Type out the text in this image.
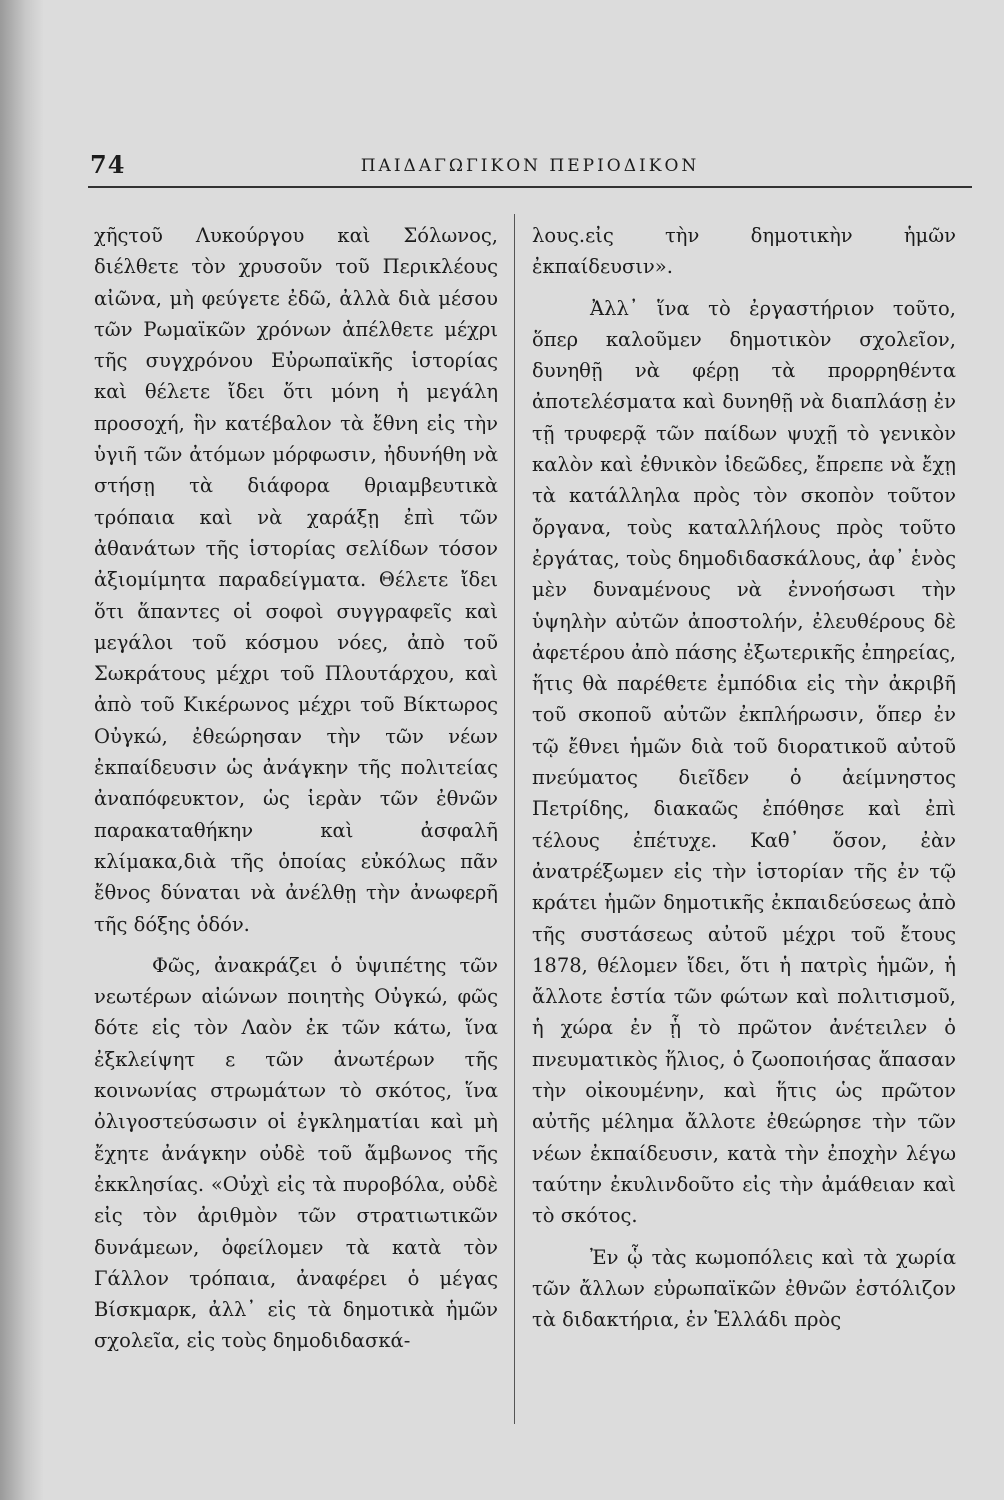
74	ΠΑΙΔΑΓΩΓΙΚΟΝ ΠΕΡΙΟΔΙΚΟΝ

χῆςτοῦ Λυκούργου καὶ Σόλωνος, διέλθετε τὸν χρυσοῦν τοῦ Περικλέους αἰῶνα, μὴ φεύγετε ἐδῶ, ἀλλὰ διὰ μέσου τῶν Ρωμαϊκῶν χρόνων ἀπέλθετε μέχρι τῆς συγχρόνου Εὐρωπαϊκῆς ἱστορίας καὶ θέλετε ἴδει ὅτι μόνη ἡ μεγάλη προσοχή, ἣν κατέβαλον τὰ ἔθνη εἰς τὴν ὑγιῆ τῶν ἀτόμων μόρφωσιν, ἠδυνήθη νὰ στήσῃ τὰ διάφορα θριαμβευτικὰ τρόπαια καὶ νὰ χαράξῃ ἐπὶ τῶν ἀθανάτων τῆς ἱστορίας σελίδων τόσον ἀξιομίμητα παραδείγματα. Θέλετε ἴδει ὅτι ἅπαντες οἱ σοφοὶ συγγραφεῖς καὶ μεγάλοι τοῦ κόσμου νόες, ἀπὸ τοῦ Σωκράτους μέχρι τοῦ Πλουτάρχου, καὶ ἀπὸ τοῦ Κικέρωνος μέχρι τοῦ Βίκτωρος Οὐγκώ, ἐθεώρησαν τὴν τῶν νέων ἐκπαίδευσιν ὡς ἀνάγκην τῆς πολιτείας ἀναπόφευκτον, ὡς ἱερὰν τῶν ἐθνῶν παρακαταθήκην καὶ ἀσφαλῆ κλίμακα,διὰ τῆς ὁποίας εὐκόλως πᾶν ἔθνος δύναται νὰ ἀνέλθῃ τὴν ἀνωφερῆ τῆς δόξης ὁδόν.

Φῶς, ἀνακράζει ὁ ὑψιπέτης τῶν νεωτέρων αἰώνων ποιητὴς Οὐγκώ, φῶς δότε εἰς τὸν Λαὸν ἐκ τῶν κάτω, ἵνα ἐξκλείψητ ε τῶν ἀνωτέρων τῆς κοινωνίας στρωμάτων τὸ σκότος, ἵνα ὀλιγοστεύσωσιν οἱ ἐγκληματίαι καὶ μὴ ἔχητε ἀνάγκην οὐδὲ τοῦ ἄμβωνος τῆς ἐκκλησίας. «Οὐχὶ εἰς τὰ πυροβόλα, οὐδὲ εἰς τὸν ἀριθμὸν τῶν στρατιωτικῶν δυνάμεων, ὀφείλομεν τὰ κατὰ τὸν Γάλλον τρόπαια, ἀναφέρει ὁ μέγας Βίσκμαρκ, ἀλλ᾽ εἰς τὰ δημοτικὰ ἡμῶν σχολεῖα, εἰς τοὺς δημοδιδασκά-

λους.εἰς τὴν δημοτικὴν ἡμῶν ἐκπαίδευσιν».

Ἀλλ᾽ ἵνα τὸ ἐργαστήριον τοῦτο, ὅπερ καλοῦμεν δημοτικὸν σχολεῖον, δυνηθῇ νὰ φέρῃ τὰ προρρηθέντα ἀποτελέσματα καὶ δυνηθῇ νὰ διαπλάσῃ ἐν τῇ τρυφερᾷ τῶν παίδων ψυχῇ τὸ γενικὸν καλὸν καὶ ἐθνικὸν ἰδεῶδες, ἔπρεπε νὰ ἔχῃ τὰ κατάλληλα πρὸς τὸν σκοπὸν τοῦτον ὄργανα, τοὺς καταλλήλους πρὸς τοῦτο ἐργάτας, τοὺς δημοδιδασκάλους, ἀφ᾽ ἑνὸς μὲν δυναμένους νὰ ἐννοήσωσι τὴν ὑψηλὴν αὐτῶν ἀποστολήν, ἐλευθέρους δὲ ἀφετέρου ἀπὸ πάσης ἐξωτερικῆς ἐπηρείας, ἥτις θὰ παρέθετε ἐμπόδια εἰς τὴν ἀκριβῆ τοῦ σκοποῦ αὐτῶν ἐκπλήρωσιν, ὅπερ ἐν τῷ ἔθνει ἡμῶν διὰ τοῦ διορατικοῦ αὐτοῦ πνεύματος διεῖδεν ὁ ἀείμνηστος Πετρίδης, διακαῶς ἐπόθησε καὶ ἐπὶ τέλους ἐπέτυχε. Καθ᾽ ὅσον, ἐὰν ἀνατρέξωμεν εἰς τὴν ἱστορίαν τῆς ἐν τῷ κράτει ἡμῶν δημοτικῆς ἐκπαιδεύσεως ἀπὸ τῆς συστάσεως αὐτοῦ μέχρι τοῦ ἔτους 1878, θέλομεν ἴδει, ὅτι ἡ πατρὶς ἡμῶν, ἡ ἄλλοτε ἑστία τῶν φώτων καὶ πολιτισμοῦ, ἡ χώρα ἐν ᾗ τὸ πρῶτον ἀνέτειλεν ὁ πνευματικὸς ἥλιος, ὁ ζωοποιήσας ἅπασαν τὴν οἰκουμένην, καὶ ἥτις ὡς πρῶτον αὐτῆς μέλημα ἄλλοτε ἐθεώρησε τὴν τῶν νέων ἐκπαίδευσιν, κατὰ τὴν ἐποχὴν λέγω ταύτην ἐκυλινδοῦτο εἰς τὴν ἀμάθειαν καὶ τὸ σκότος.

Ἐν ᾧ τὰς κωμοπόλεις καὶ τὰ χωρία τῶν ἄλλων εὐρωπαϊκῶν ἐθνῶν ἐστόλιζον τὰ διδακτήρια, ἐν Ἑλλάδι πρὸς
